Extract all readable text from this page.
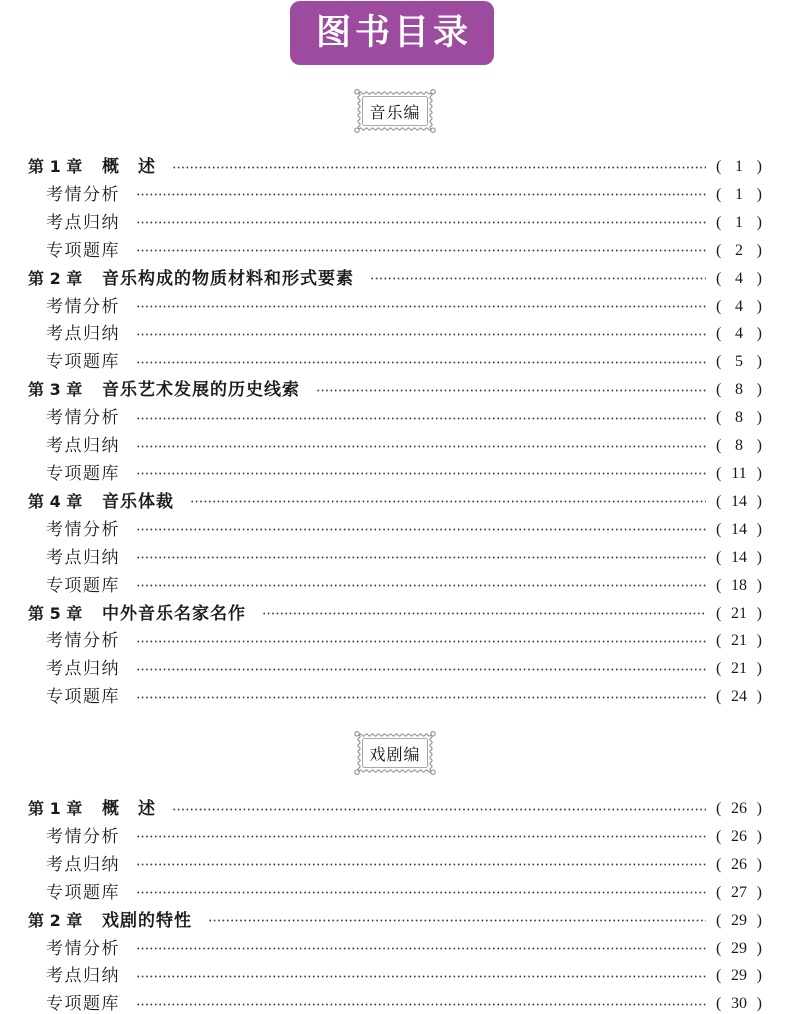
图书目录
音乐编
第 1 章	概　述	( 1 )
考情分析	( 1 )
考点归纳	( 1 )
专项题库	( 2 )
第 2 章	音乐构成的物质材料和形式要素	( 4 )
考情分析	( 4 )
考点归纳	( 4 )
专项题库	( 5 )
第 3 章	音乐艺术发展的历史线索	( 8 )
考情分析	( 8 )
考点归纳	( 8 )
专项题库	( 11 )
第 4 章	音乐体裁	( 14 )
考情分析	( 14 )
考点归纳	( 14 )
专项题库	( 18 )
第 5 章	中外音乐名家名作	( 21 )
考情分析	( 21 )
考点归纳	( 21 )
专项题库	( 24 )
戏剧编
第 1 章	概　述	( 26 )
考情分析	( 26 )
考点归纳	( 26 )
专项题库	( 27 )
第 2 章	戏剧的特性	( 29 )
考情分析	( 29 )
考点归纳	( 29 )
专项题库	( 30 )
